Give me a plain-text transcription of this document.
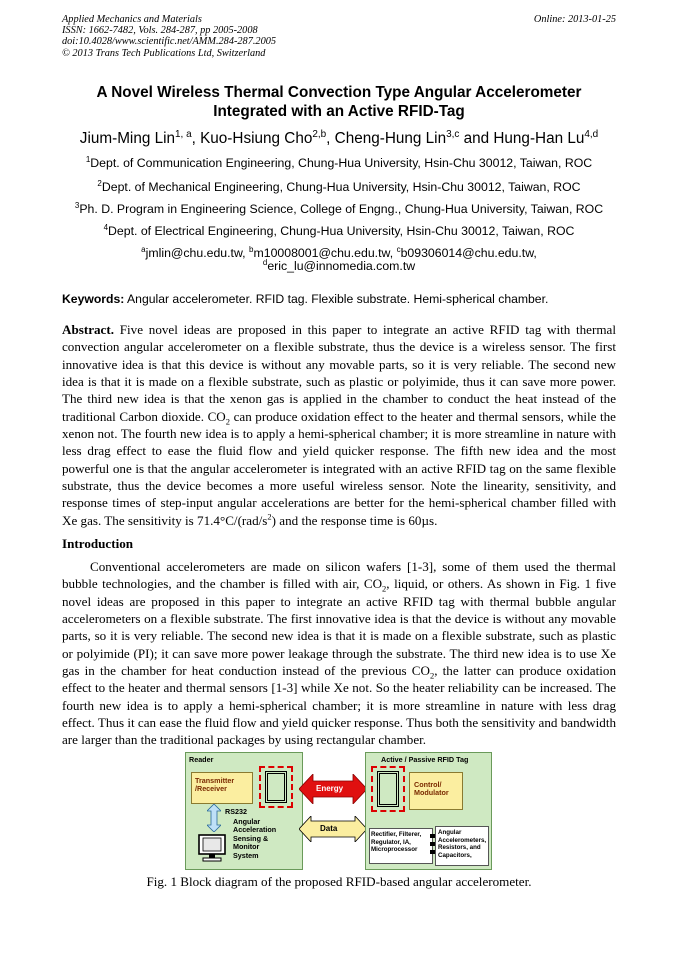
Applied Mechanics and Materials
ISSN: 1662-7482, Vols. 284-287, pp 2005-2008
doi:10.4028/www.scientific.net/AMM.284-287.2005
© 2013 Trans Tech Publications Ltd, Switzerland
Online: 2013-01-25
A Novel Wireless Thermal Convection Type Angular Accelerometer
Integrated with an Active RFID-Tag
Jium-Ming Lin$^{1, a}$, Kuo-Hsiung Cho$^{2,b}$, Cheng-Hung Lin$^{3,c}$ and Hung-Han Lu$^{4,d}$
$^1$Dept. of Communication Engineering, Chung-Hua University, Hsin-Chu 30012, Taiwan, ROC
$^2$Dept. of Mechanical Engineering, Chung-Hua University, Hsin-Chu 30012, Taiwan, ROC
$^3$Ph. D. Program in Engineering Science, College of Engng., Chung-Hua University, Taiwan, ROC
$^4$Dept. of Electrical Engineering, Chung-Hua University, Hsin-Chu 30012, Taiwan, ROC
$^a$jmlin@chu.edu.tw, $^b$m10008001@chu.edu.tw, $^c$b09306014@chu.edu.tw,
$^d$eric_lu@innomedia.com.tw
Keywords: Angular accelerometer. RFID tag. Flexible substrate. Hemi-spherical chamber.
Abstract. Five novel ideas are proposed in this paper to integrate an active RFID tag with thermal convection angular accelerometer on a flexible substrate, thus the device is a wireless sensor. The first innovative idea is that this device is without any movable parts, so it is very reliable. The second new idea is that it is made on a flexible substrate, such as plastic or polyimide, thus it can save more power. The third new idea is that the xenon gas is applied in the chamber to conduct the heat instead of the traditional Carbon dioxide. $CO_2$ can produce oxidation effect to the heater and thermal sensors, while the xenon not. The fourth new idea is to apply a hemi-spherical chamber; it is more streamline in nature with less drag effect to ease the fluid flow and yield quicker response. The fifth new idea and the most powerful one is that the angular accelerometer is integrated with an active RFID tag on the same flexible substrate, thus the device becomes a more useful wireless sensor. Note the linearity, sensitivity, and response times of step-input angular accelerations are better for the hemi-spherical chamber filled with Xe gas. The sensitivity is $71.4^\circ C/(rad/s^2)$ and the response time is 60µs.
Introduction
Conventional accelerometers are made on silicon wafers [1-3], some of them used the thermal bubble technologies, and the chamber is filled with air, $CO_2$, liquid, or others. As shown in Fig. 1 five novel ideas are proposed in this paper to integrate an active RFID tag with thermal bubble angular accelerometers on a flexible substrate. The first innovative idea is that the device is without any movable parts, so it is very reliable. The second new idea is that it is made on a flexible substrate, such as plastic or polyimide (PI); it can save more power leakage through the substrate. The third new idea is to use Xe gas in the chamber for heat conduction instead of the previous $CO_2$, the latter can produce oxidation effect to the heater and thermal sensors [1-3] while Xe not. So the heater reliability can be increased. The fourth new idea is to apply a hemi-spherical chamber; it is more streamline in nature with less drag effect. Thus it can ease the fluid flow and yield quicker response. Thus both the sensitivity and bandwidth are larger than the traditional packages by using rectangular chamber.
Reader
Transmitter
/Receiver
RS232
Angular
Acceleration
Sensing &
Monitor
System
Energy
Data
Active / Passive RFID Tag
Control/
Modulator
Rectifier, Filterer,
Regulator, IA,
Microprocessor
Angular
Accelerometers,
Resistors, and
Capacitors,
Fig. 1 Block diagram of the proposed RFID-based angular accelerometer.
